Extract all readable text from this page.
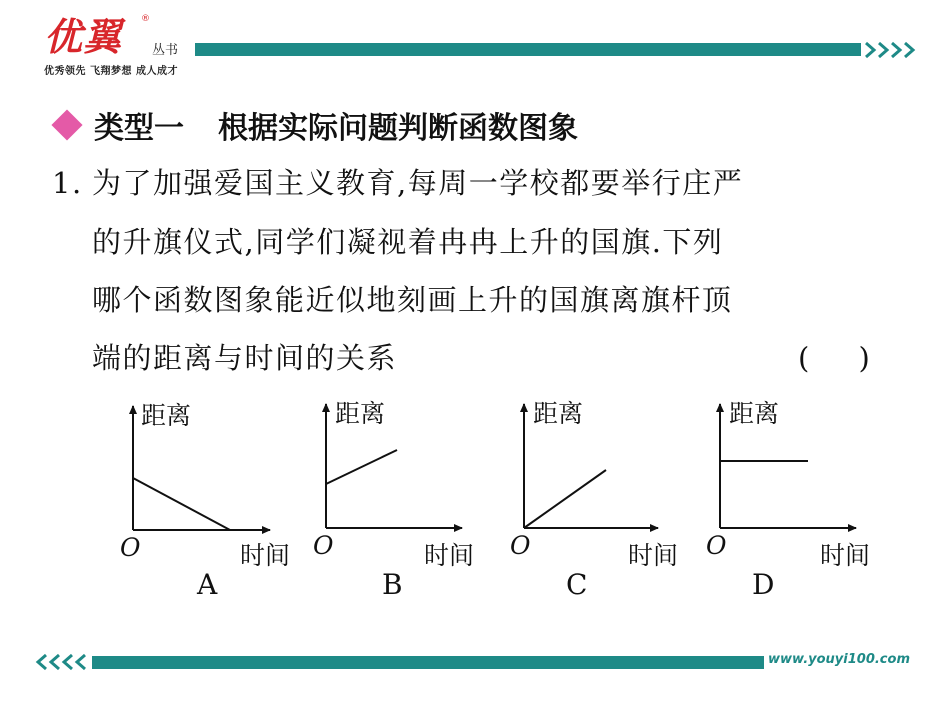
优翼 ®
丛书
优秀领先 飞翔梦想 成人成才
类型一 根据实际问题判断函数图象
1. 为了加强爱国主义教育,每周一学校都要举行庄严
的升旗仪式,同学们凝视着冉冉上升的国旗.下列
哪个函数图象能近似地刻画上升的国旗离旗杆顶
端的距离与时间的关系	( )
距离
O	时间
A
距离
O	时间
B
距离
O	时间
C
距离
O	时间
D
www.youyi100.com
